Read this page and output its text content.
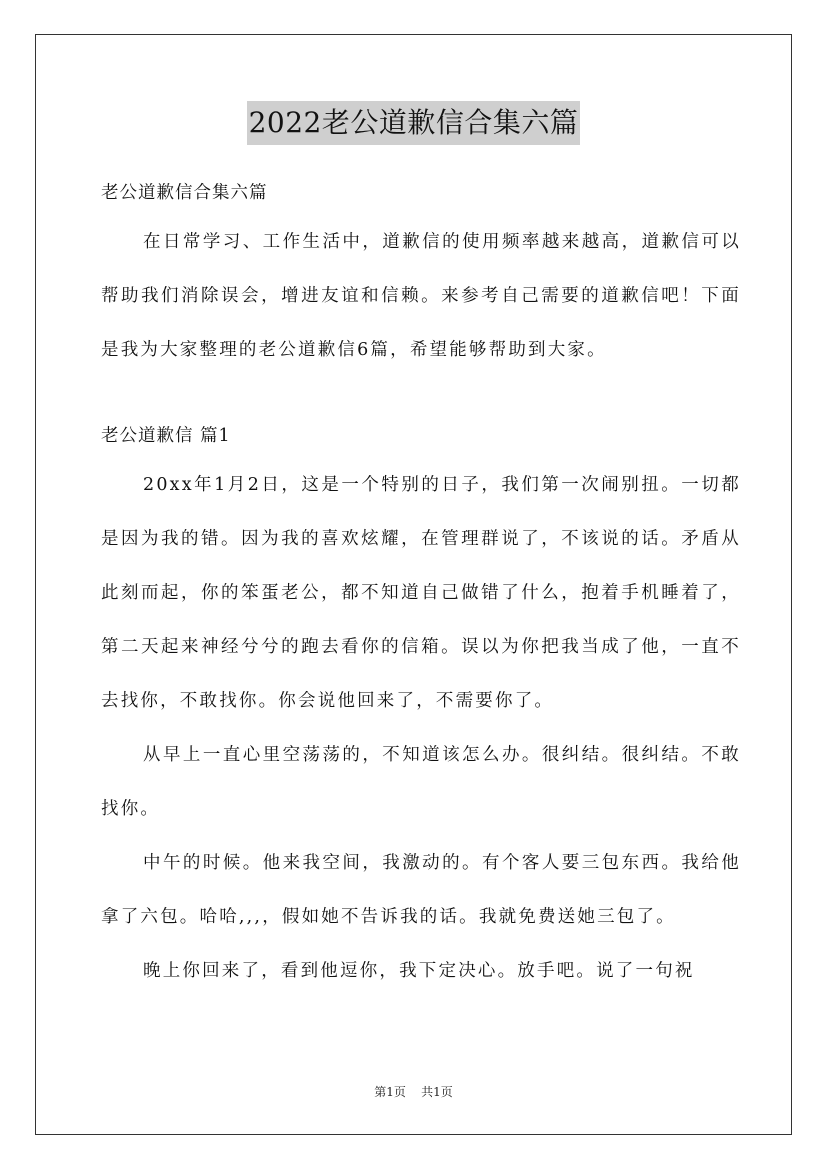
2022老公道歉信合集六篇

老公道歉信合集六篇

在日常学习、工作生活中，道歉信的使用频率越来越高，道歉信可以帮助我们消除误会，增进友谊和信赖。来参考自己需要的道歉信吧！下面是我为大家整理的老公道歉信6篇，希望能够帮助到大家。

老公道歉信 篇1

20xx年1月2日，这是一个特别的日子，我们第一次闹别扭。一切都是因为我的错。因为我的喜欢炫耀，在管理群说了，不该说的话。矛盾从此刻而起，你的笨蛋老公，都不知道自己做错了什么，抱着手机睡着了，第二天起来神经兮兮的跑去看你的信箱。误以为你把我当成了他，一直不去找你，不敢找你。你会说他回来了，不需要你了。

从早上一直心里空荡荡的，不知道该怎么办。很纠结。很纠结。不敢找你。

中午的时候。他来我空间，我激动的。有个客人要三包东西。我给他拿了六包。哈哈,,,，假如她不告诉我的话。我就免费送她三包了。

晚上你回来了，看到他逗你，我下定决心。放手吧。说了一句祝

第1页 共1页
